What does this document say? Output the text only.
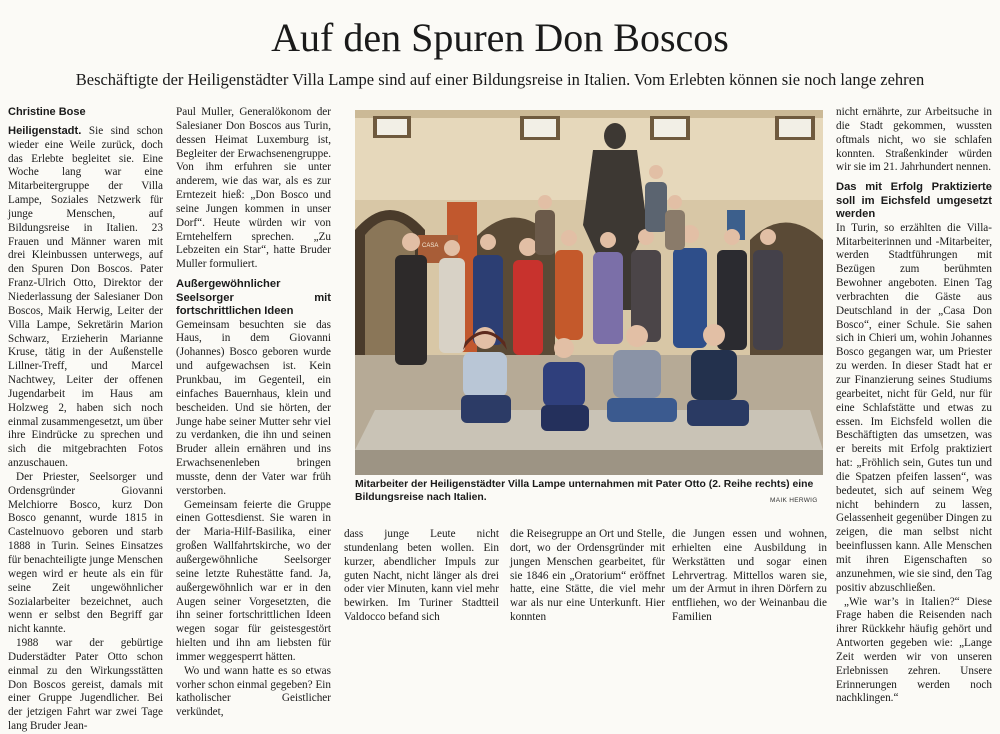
Auf den Spuren Don Boscos

Beschäftigte der Heiligenstädter Villa Lampe sind auf einer Bildungsreise in Italien. Vom Erlebten können sie noch lange zehren

Christine Bose

Heiligenstadt. Sie sind schon wieder eine Weile zurück, doch das Erlebte begleitet sie. Eine Woche lang war eine Mitarbeitergruppe der Villa Lampe, Soziales Netzwerk für junge Menschen, auf Bildungsreise in Italien. 23 Frauen und Männer waren mit drei Kleinbussen unterwegs, auf den Spuren Don Boscos. Pater Franz-Ulrich Otto, Direktor der Niederlassung der Salesianer Don Boscos, Maik Herwig, Leiter der Villa Lampe, Sekretärin Marion Schwarz, Erzieherin Marianne Kruse, tätig in der Außenstelle Lillner-Treff, und Marcel Nachtwey, Leiter der offenen Jugendarbeit im Haus am Holzweg 2, haben sich noch einmal zusammengesetzt, um über ihre Eindrücke zu sprechen und sich die mitgebrachten Fotos anzuschauen.

Der Priester, Seelsorger und Ordensgründer Giovanni Melchiorre Bosco, kurz Don Bosco genannt, wurde 1815 in Castelnuovo geboren und starb 1888 in Turin. Seines Einsatzes für benachteiligte junge Menschen wegen wird er heute als ein für seine Zeit ungewöhnlicher Sozialarbeiter bezeichnet, auch wenn er selbst den Begriff gar nicht kannte.

1988 war der gebürtige Duderstädter Pater Otto schon einmal zu den Wirkungsstätten Don Boscos gereist, damals mit einer Gruppe Jugendlicher. Bei der jetzigen Fahrt war zwei Tage lang Bruder Jean-

Paul Muller, Generalökonom der Salesianer Don Boscos aus Turin, dessen Heimat Luxemburg ist, Begleiter der Erwachsenengruppe. Von ihm erfuhren sie unter anderem, wie das war, als es zur Erntezeit hieß: „Don Bosco und seine Jungen kommen in unser Dorf“. Heute würden wir von Erntehelfern sprechen. „Zu Lebzeiten ein Star“, hatte Bruder Muller formuliert.

Außergewöhnlicher Seelsorger mit fortschrittlichen Ideen

Gemeinsam besuchten sie das Haus, in dem Giovanni (Johannes) Bosco geboren wurde und aufgewachsen ist. Kein Prunkbau, im Gegenteil, ein einfaches Bauernhaus, klein und bescheiden. Und sie hörten, der Junge habe seiner Mutter sehr viel zu verdanken, die ihn und seinen Bruder allein ernähren und ins Erwachsenenleben bringen musste, denn der Vater war früh verstorben.

Gemeinsam feierte die Gruppe einen Gottesdienst. Sie waren in der Maria-Hilf-Basilika, einer großen Wallfahrtskirche, wo der außergewöhnliche Seelsorger seine letzte Ruhestätte fand. Ja, außergewöhnlich war er in den Augen seiner Vorgesetzten, die ihn seiner fortschrittlichen Ideen wegen sogar für geistesgestört hielten und ihn am liebsten für immer weggesperrt hätten.

Wo und wann hatte es so etwas vorher schon einmal gegeben? Ein katholischer Geistlicher verkündet,

CASA
Mitarbeiter der Heiligenstädter Villa Lampe unternahmen mit Pater Otto (2. Reihe rechts) eine Bildungsreise nach Italien.	MAIK HERWIG

dass junge Leute nicht stundenlang beten wollen. Ein kurzer, abendlicher Impuls zur guten Nacht, nicht länger als drei oder vier Minuten, kann viel mehr bewirken. Im Turiner Stadtteil Valdocco befand sich

die Reisegruppe an Ort und Stelle, dort, wo der Ordensgründer mit jungen Menschen gearbeitet, für sie 1846 ein „Oratorium“ eröffnet hatte, eine Stätte, die viel mehr war als nur eine Unterkunft. Hier konnten

die Jungen essen und wohnen, erhielten eine Ausbildung in Werkstätten und sogar einen Lehrvertrag. Mittellos waren sie, um der Armut in ihren Dörfern zu entfliehen, wo der Weinanbau die Familien

nicht ernährte, zur Arbeitsuche in die Stadt gekommen, wussten oftmals nicht, wo sie schlafen konnten. Straßenkinder würden wir sie im 21. Jahrhundert nennen.

Das mit Erfolg Praktizierte soll im Eichsfeld umgesetzt werden

In Turin, so erzählten die Villa-Mitarbeiterinnen und -Mitarbeiter, werden Stadtführungen mit Bezügen zum berühmten Bewohner angeboten. Einen Tag verbrachten die Gäste aus Deutschland in der „Casa Don Bosco“, einer Schule. Sie sahen sich in Chieri um, wohin Johannes Bosco gegangen war, um Priester zu werden. In dieser Stadt hat er zur Finanzierung seines Studiums gearbeitet, nicht für Geld, nur für eine Schlafstätte und etwas zu essen. Im Eichsfeld wollen die Beschäftigten das umsetzen, was er bereits mit Erfolg praktiziert hat: „Fröhlich sein, Gutes tun und die Spatzen pfeifen lassen“, was bedeutet, sich auf seinem Weg nicht behindern zu lassen, Gelassenheit gegenüber Dingen zu zeigen, die man selbst nicht beeinflussen kann. Alle Menschen mit ihren Eigenschaften so anzunehmen, wie sie sind, den Tag positiv abzuschließen.

„Wie war’s in Italien?“ Diese Frage haben die Reisenden nach ihrer Rückkehr häufig gehört und Antworten gegeben wie: „Lange Zeit werden wir von unseren Erlebnissen zehren. Unsere Erinnerungen werden noch nachklingen.“
